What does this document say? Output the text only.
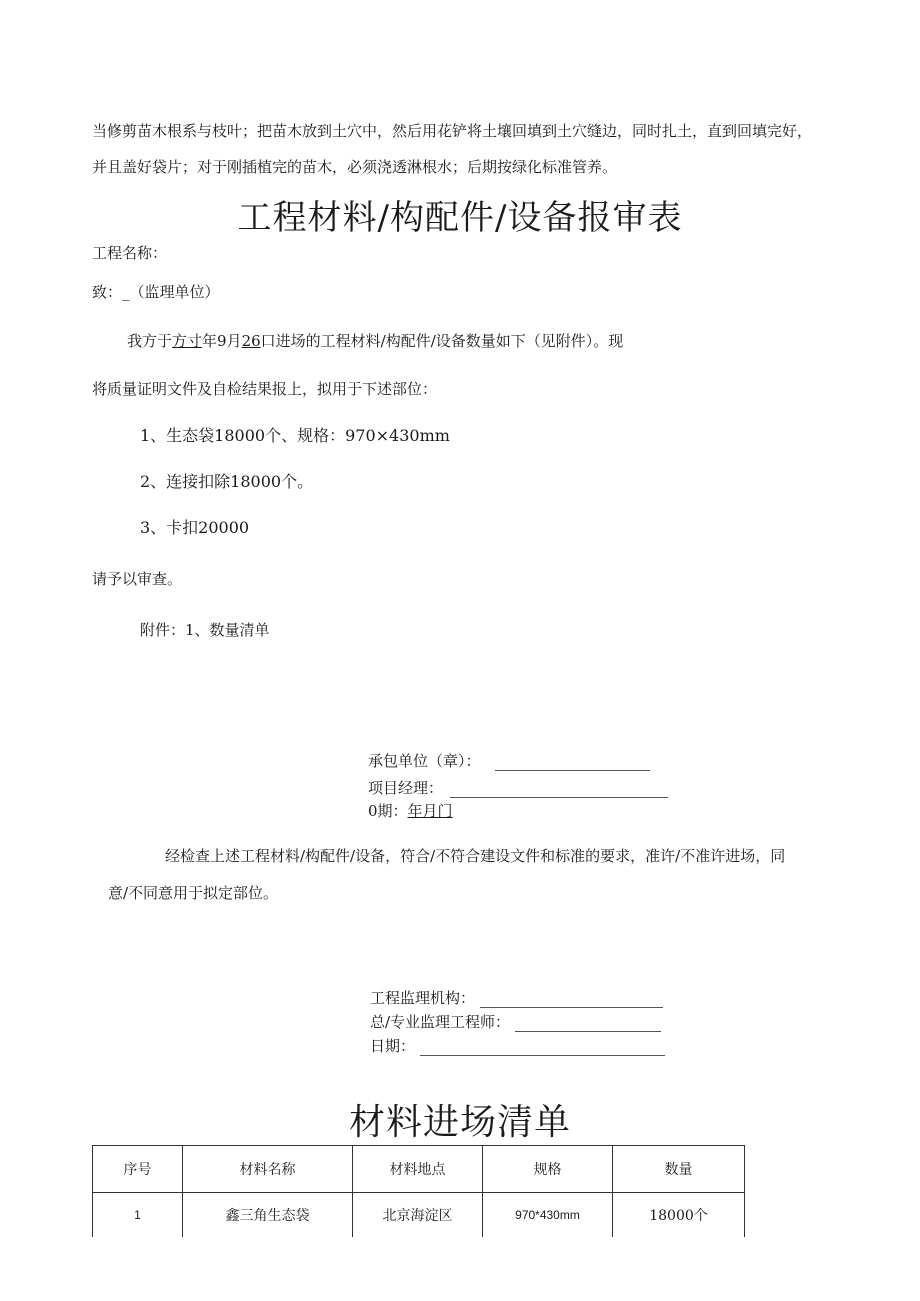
当修剪苗木根系与枝叶；把苗木放到土穴中，然后用花铲将土壤回填到土穴缝边，同时扎土，直到回填完好，
并且盖好袋片；对于刚插植完的苗木，必须浇透淋根水；后期按绿化标准管养。
工程材料/构配件/设备报审表
工程名称：
致：_（监理单位）
我方于方寸年9月26口进场的工程材料/构配件/设备数量如下（见附件）。现
将质量证明文件及自检结果报上，拟用于下述部位：
1、生态袋18000个、规格：970×430mm
2、连接扣除18000个。
3、卡扣20000
请予以审查。
附件：1、数量清单
承包单位（章）：
项目经理：
0期：年月门
经检查上述工程材料/构配件/设备，符合/不符合建设文件和标准的要求，准许/不准许进场，同
意/不同意用于拟定部位。
工程监理机构：
总/专业监理工程师：
日期：
材料进场清单
序号	材料名称	材料地点	规格	数量
1	鑫三角生态袋	北京海淀区	970*430mm	18000个
